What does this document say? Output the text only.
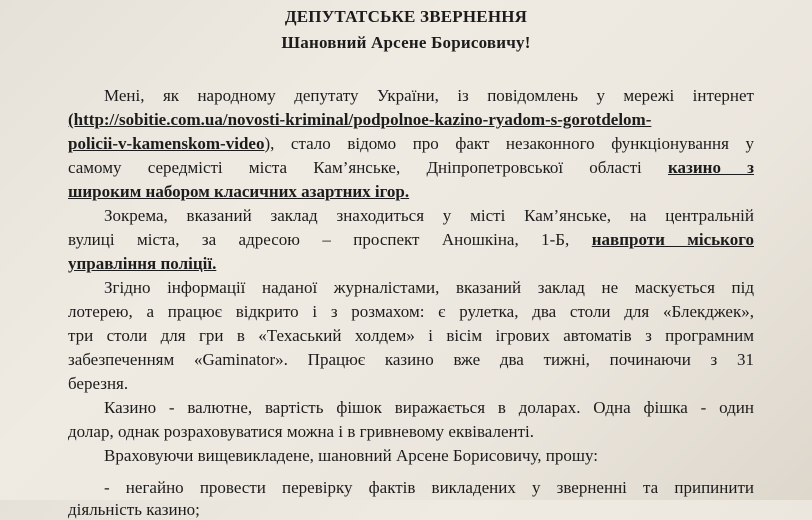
ДЕПУТАТСЬКЕ ЗВЕРНЕННЯ
Шановний Арсене Борисовичу!
Мені, як народному депутату України, із повідомлень у мережі інтернет
(http://sobitie.com.ua/novosti-kriminal/podpolnoe-kazino-ryadom-s-gorotdelom-
policii-v-kamenskom-video), стало відомо про факт незаконного функціонування у
самому середмісті міста Кам’янське, Дніпропетровської області казино з
широким набором класичних азартних ігор.
Зокрема, вказаний заклад знаходиться у місті Кам’янське, на центральній
вулиці міста, за адресою – проспект Аношкіна, 1-Б, навпроти міського
управління поліції.
Згідно інформації наданої журналістами, вказаний заклад не маскується під
лотерею, а працює відкрито і з розмахом: є рулетка, два столи для «Блекджек»,
три столи для гри в «Техаський холдем» і вісім ігрових автоматів з програмним
забезпеченням «Gaminator». Працює казино вже два тижні, починаючи з 31
березня.
Казино - валютне, вартість фішок виражається в доларах. Одна фішка - один
долар, однак розраховуватися можна і в гривневому еквіваленті.
Враховуючи вищевикладене, шановний Арсене Борисовичу, прошу:
- негайно провести перевірку фактів викладених у зверненні та припинити
діяльність казино;
